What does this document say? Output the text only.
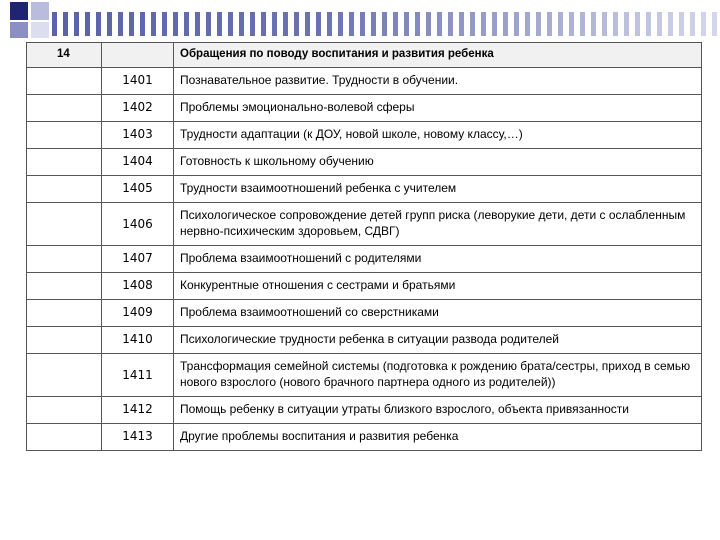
14		Обращения по поводу воспитания и развития ребенка
	1401	Познавательное развитие. Трудности в обучении.
	1402	Проблемы эмоционально-волевой сферы
	1403	Трудности адаптации (к ДОУ, новой школе, новому классу,…)
	1404	Готовность к школьному обучению
	1405	Трудности взаимоотношений ребенка с учителем
	1406	Психологическое сопровождение детей групп риска (леворукие дети, дети с ослабленным нервно-психическим здоровьем, СДВГ)
	1407	Проблема взаимоотношений с родителями
	1408	Конкурентные отношения с сестрами и братьями
	1409	Проблема взаимоотношений со сверстниками
	1410	Психологические трудности ребенка в ситуации развода родителей
	1411	Трансформация семейной системы (подготовка к рождению брата/сестры, приход в семью нового взрослого (нового брачного партнера одного из родителей))
	1412	Помощь ребенку в ситуации утраты близкого взрослого, объекта привязанности
	1413	Другие проблемы воспитания и развития ребенка
